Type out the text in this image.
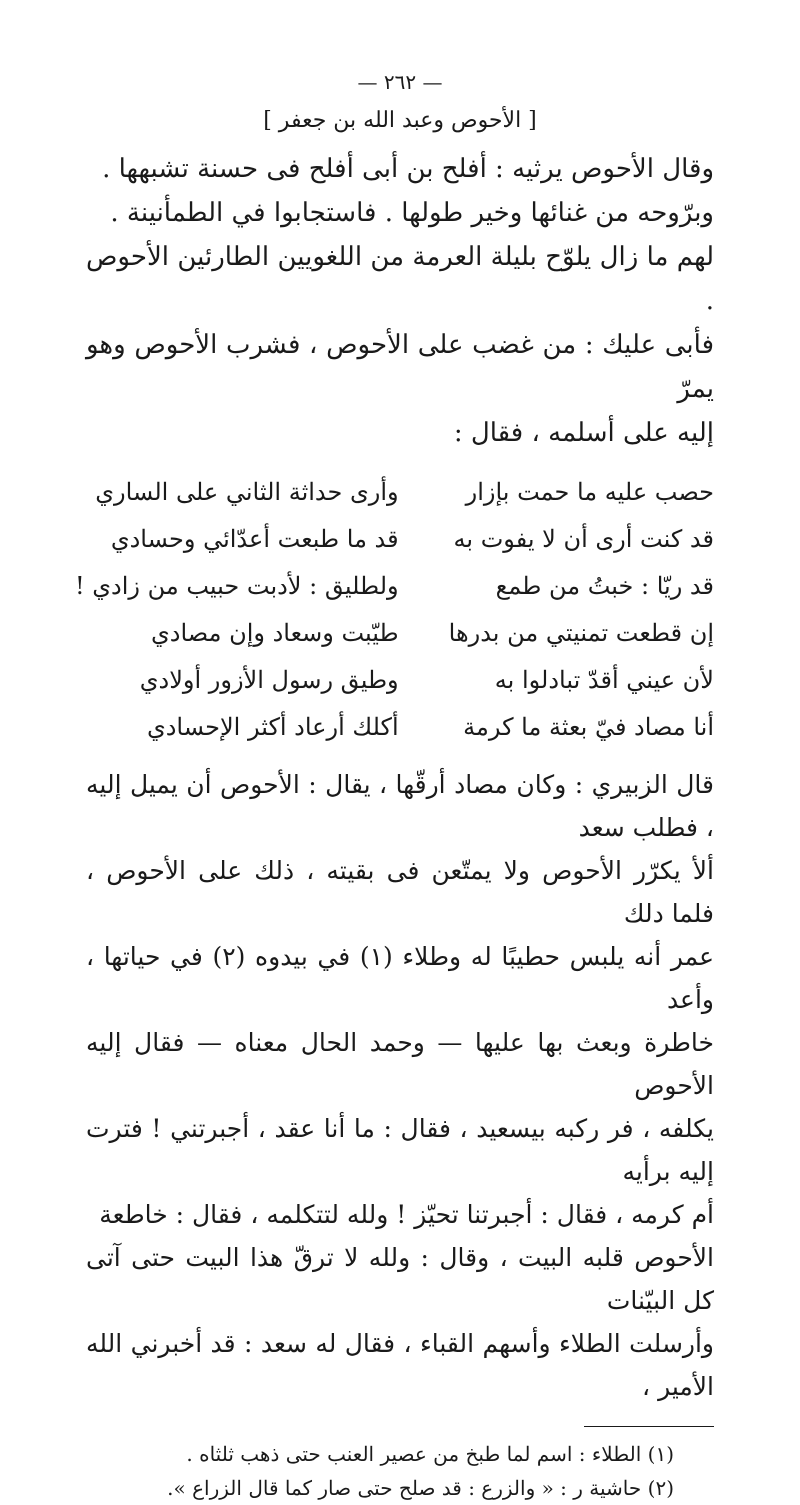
— ٢٦٢ —
[ الأحوص وعبد الله بن جعفر ]

وقال الأحوص يرثيه : أفلح بن أبى أفلح فى حسنة تشبهها .

وبرّوحه من غنائها وخير طولها . فاستجابوا في الطمأنينة .

لهم ما زال يلوّح بليلة العرمة من اللغويين الطارئين الأحوص .

فأبى عليك : من غضب على الأحوص ، فشرب الأحوص وهو يمرّ

إليه على أسلمه ، فقال :

حصب عليه ما حمت بإزار
وأرى حداثة الثاني على الساري
قد كنت أرى أن لا يفوت به
قد ما طبعت أعدّائي وحسادي
قد ريّا : خبتُ من طمع
ولطليق : لأدبت حبيب من زادي !
إن قطعت تمنيتي من بدرها
طيّبت وسعاد وإن مصادي
لأن عيني أقدّ تبادلوا به
وطيق رسول الأزور أولادي
أنا مصاد فيّ بعثة ما كرمة
أكلك أرعاد أكثر الإحسادي

قال الزبيري : وكان مصاد أرقّها ، يقال : الأحوص أن يميل إليه ، فطلب سعد

ألأ يكرّر الأحوص ولا يمتّعن فى بقيته ، ذلك على الأحوص ، فلما دلك

عمر أنه يلبس حطيبًا له وطلاء (١) في بيدوه (٢) في حياتها ، وأعد

خاطرة وبعث بها عليها — وحمد الحال معناه — فقال إليه الأحوص

يكلفه ، فر ركبه بيسعيد ، فقال : ما أنا عقد ، أجبرتني ! فترت إليه برأيه

أم كرمه ، فقال : أجبرتنا تحيّز ! ولله لتتكلمه ، فقال : خاطعة

الأحوص قلبه البيت ، وقال : ولله لا ترقّ هذا البيت حتى آتى كل البيّنات

وأرسلت الطلاء وأسهم القباء ، فقال له سعد : قد أخبرني الله الأمير ،

(١) الطلاء : اسم لما طبخ من عصير العنب حتى ذهب ثلثاه .
(٢) حاشية ر : « والزرع : قد صلح حتى صار كما قال الزراع ».
